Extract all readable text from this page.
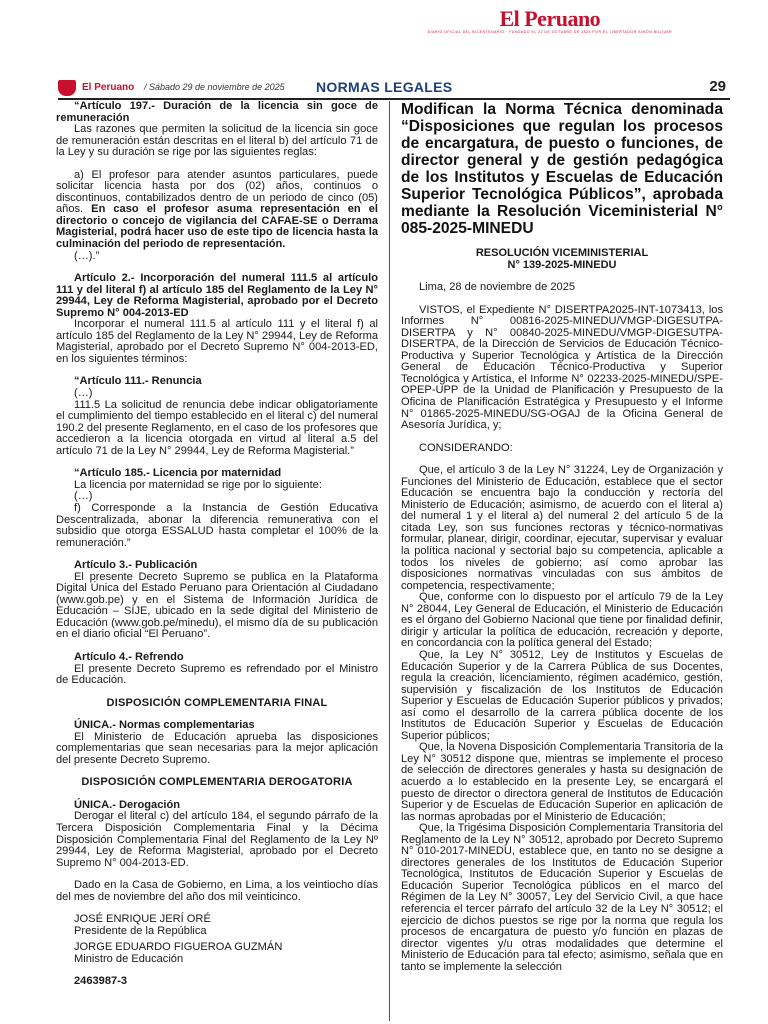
El Peruano
DIARIO OFICIAL DEL BICENTENARIO · FUNDADO EL 22 DE OCTUBRE DE 1825 POR EL LIBERTADOR SIMÓN BOLÍVAR
El Peruano / Sábado 29 de noviembre de 2025 NORMAS LEGALES	29

“Artículo 197.- Duración de la licencia sin goce de remuneración

Las razones que permiten la solicitud de la licencia sin goce de remuneración están descritas en el literal b) del artículo 71 de la Ley y su duración se rige por las siguientes reglas:

a) El profesor para atender asuntos particulares, puede solicitar licencia hasta por dos (02) años, continuos o discontinuos, contabilizados dentro de un periodo de cinco (05) años. En caso el profesor asuma representación en el directorio o concejo de vigilancia del CAFAE-SE o Derrama Magisterial, podrá hacer uso de este tipo de licencia hasta la culminación del periodo de representación.

(…).”

Artículo 2.- Incorporación del numeral 111.5 al artículo 111 y del literal f) al artículo 185 del Reglamento de la Ley N° 29944, Ley de Reforma Magisterial, aprobado por el Decreto Supremo N° 004-2013-ED

Incorporar el numeral 111.5 al artículo 111 y el literal f) al artículo 185 del Reglamento de la Ley N° 29944, Ley de Reforma Magisterial, aprobado por el Decreto Supremo N° 004-2013-ED, en los siguientes términos:

“Artículo 111.- Renuncia

(…)

111.5 La solicitud de renuncia debe indicar obligatoriamente el cumplimiento del tiempo establecido en el literal c) del numeral 190.2 del presente Reglamento, en el caso de los profesores que accedieron a la licencia otorgada en virtud al literal a.5 del artículo 71 de la Ley N° 29944, Ley de Reforma Magisterial.”

“Artículo 185.- Licencia por maternidad

La licencia por maternidad se rige por lo siguiente:

(…)

f) Corresponde a la Instancia de Gestión Educativa Descentralizada, abonar la diferencia remunerativa con el subsidio que otorga ESSALUD hasta completar el 100% de la remuneración.”

Artículo 3.- Publicación

El presente Decreto Supremo se publica en la Plataforma Digital Única del Estado Peruano para Orientación al Ciudadano (www.gob.pe) y en el Sistema de Información Jurídica de Educación – SIJE, ubicado en la sede digital del Ministerio de Educación (www.gob.pe/minedu), el mismo día de su publicación en el diario oficial “El Peruano”.

Artículo 4.- Refrendo

El presente Decreto Supremo es refrendado por el Ministro de Educación.

DISPOSICIÓN COMPLEMENTARIA FINAL

ÚNICA.- Normas complementarias

El Ministerio de Educación aprueba las disposiciones complementarias que sean necesarias para la mejor aplicación del presente Decreto Supremo.

DISPOSICIÓN COMPLEMENTARIA DEROGATORIA

ÚNICA.- Derogación

Derogar el literal c) del artículo 184, el segundo párrafo de la Tercera Disposición Complementaria Final y la Décima Disposición Complementaria Final del Reglamento de la Ley Nº 29944, Ley de Reforma Magisterial, aprobado por el Decreto Supremo N° 004-2013-ED.

Dado en la Casa de Gobierno, en Lima, a los veintiocho días del mes de noviembre del año dos mil veinticinco.

JOSÉ ENRIQUE JERÍ ORÉ

Presidente de la República

JORGE EDUARDO FIGUEROA GUZMÁN

Ministro de Educación

2463987-3

Modifican la Norma Técnica denominada “Disposiciones que regulan los procesos de encargatura, de puesto o funciones, de director general y de gestión pedagógica de los Institutos y Escuelas de Educación Superior Tecnológica Públicos”, aprobada mediante la Resolución Viceministerial N° 085-2025-MINEDU

RESOLUCIÓN VICEMINISTERIAL

N° 139-2025-MINEDU

Lima, 28 de noviembre de 2025

VISTOS, el Expediente N° DISERTPA2025-INT-1073413, los Informes N° 00816-2025-MINEDU/VMGP-DIGESUTPA-DISERTPA y N° 00840-2025-MINEDU/VMGP-DIGESUTPA-DISERTPA, de la Dirección de Servicios de Educación Técnico-Productiva y Superior Tecnológica y Artística de la Dirección General de Educación Técnico-Productiva y Superior Tecnológica y Artística, el Informe N° 02233-2025-MINEDU/SPE-OPEP-UPP de la Unidad de Planificación y Presupuesto de la Oficina de Planificación Estratégica y Presupuesto y el Informe N° 01865-2025-MINEDU/SG-OGAJ de la Oficina General de Asesoría Jurídica, y;

CONSIDERANDO:

Que, el artículo 3 de la Ley N° 31224, Ley de Organización y Funciones del Ministerio de Educación, establece que el sector Educación se encuentra bajo la conducción y rectoría del Ministerio de Educación; asimismo, de acuerdo con el literal a) del numeral 1 y el literal a) del numeral 2 del artículo 5 de la citada Ley, son sus funciones rectoras y técnico-normativas formular, planear, dirigir, coordinar, ejecutar, supervisar y evaluar la política nacional y sectorial bajo su competencia, aplicable a todos los niveles de gobierno; así como aprobar las disposiciones normativas vinculadas con sus ámbitos de competencia, respectivamente;

Que, conforme con lo dispuesto por el artículo 79 de la Ley N° 28044, Ley General de Educación, el Ministerio de Educación es el órgano del Gobierno Nacional que tiene por finalidad definir, dirigir y articular la política de educación, recreación y deporte, en concordancia con la política general del Estado;

Que, la Ley N° 30512, Ley de Institutos y Escuelas de Educación Superior y de la Carrera Pública de sus Docentes, regula la creación, licenciamiento, régimen académico, gestión, supervisión y fiscalización de los Institutos de Educación Superior y Escuelas de Educación Superior públicos y privados; así como el desarrollo de la carrera pública docente de los Institutos de Educación Superior y Escuelas de Educación Superior públicos;

Que, la Novena Disposición Complementaria Transitoria de la Ley N° 30512 dispone que, mientras se implemente el proceso de selección de directores generales y hasta su designación de acuerdo a lo establecido en la presente Ley, se encargará el puesto de director o directora general de Institutos de Educación Superior y de Escuelas de Educación Superior en aplicación de las normas aprobadas por el Ministerio de Educación;

Que, la Trigésima Disposición Complementaria Transitoria del Reglamento de la Ley N° 30512, aprobado por Decreto Supremo N° 010-2017-MINEDU, establece que, en tanto no se designe a directores generales de los Institutos de Educación Superior Tecnológica, Institutos de Educación Superior y Escuelas de Educación Superior Tecnológica públicos en el marco del Régimen de la Ley N° 30057, Ley del Servicio Civil, a que hace referencia el tercer párrafo del artículo 32 de la Ley N° 30512; el ejercicio de dichos puestos se rige por la norma que regula los procesos de encargatura de puesto y/o función en plazas de director vigentes y/u otras modalidades que determine el Ministerio de Educación para tal efecto; asimismo, señala que en tanto se implemente la selección
